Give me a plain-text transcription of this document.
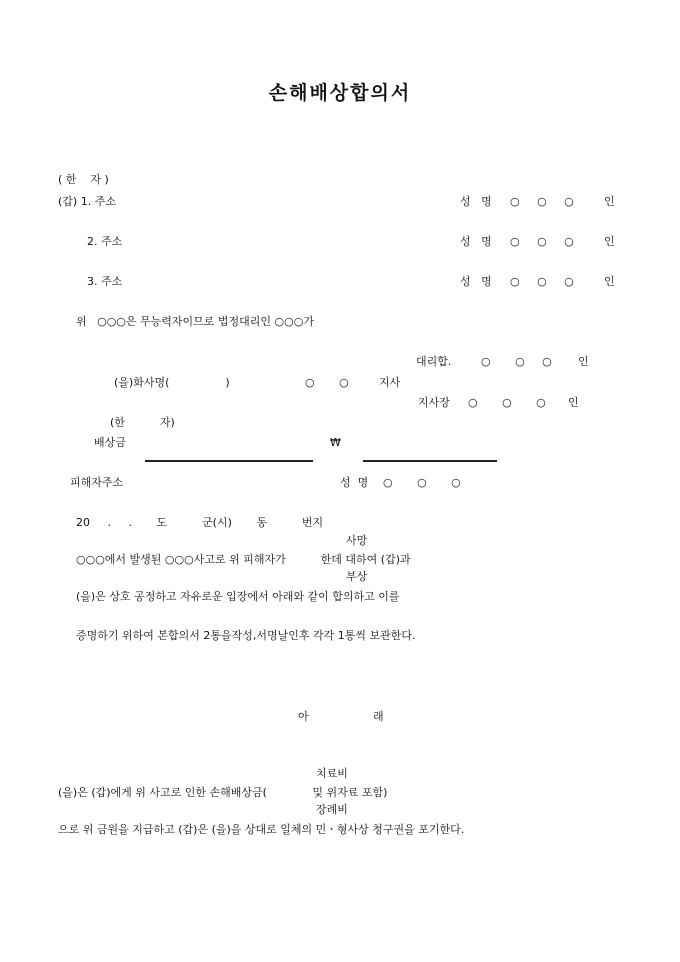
손해배상합의서
( 한    자 )
(갑) 1. 주소	성   명 ○     ○     ○	인
2. 주소	성   명 ○     ○     ○	인
3. 주소	성   명 ○     ○     ○	인
위   ○○○은 무능력자이므로 법정대리인 ○○○가
대리합.	○       ○     ○ 인
(을)화사명(                )	○       ○	지사
지사장 ○       ○       ○ 인
(한          자)
배상금	₩
피해자주소	성  명 ○       ○       ○
20     .     .       도          군(시)       동          번지
사망
○○○에서 발생된 ○○○사고로 위 피해자가          한데 대하여 (갑)과
부상
(을)은 상호 공정하고 자유로운 입장에서 아래와 같이 합의하고 이를
증명하기 위하여 본합의서 2통을작성,서명날인후 각각 1통씩 보관한다.
아	래
치료비
(을)은 (갑)에게 위 사고로 인한 손해배상금(             및 위자료 포함)
장례비
으로 위 금원을 지급하고 (갑)은 (을)을 상대로 일체의 민ㆍ형사상 청구권을 포기한다.
